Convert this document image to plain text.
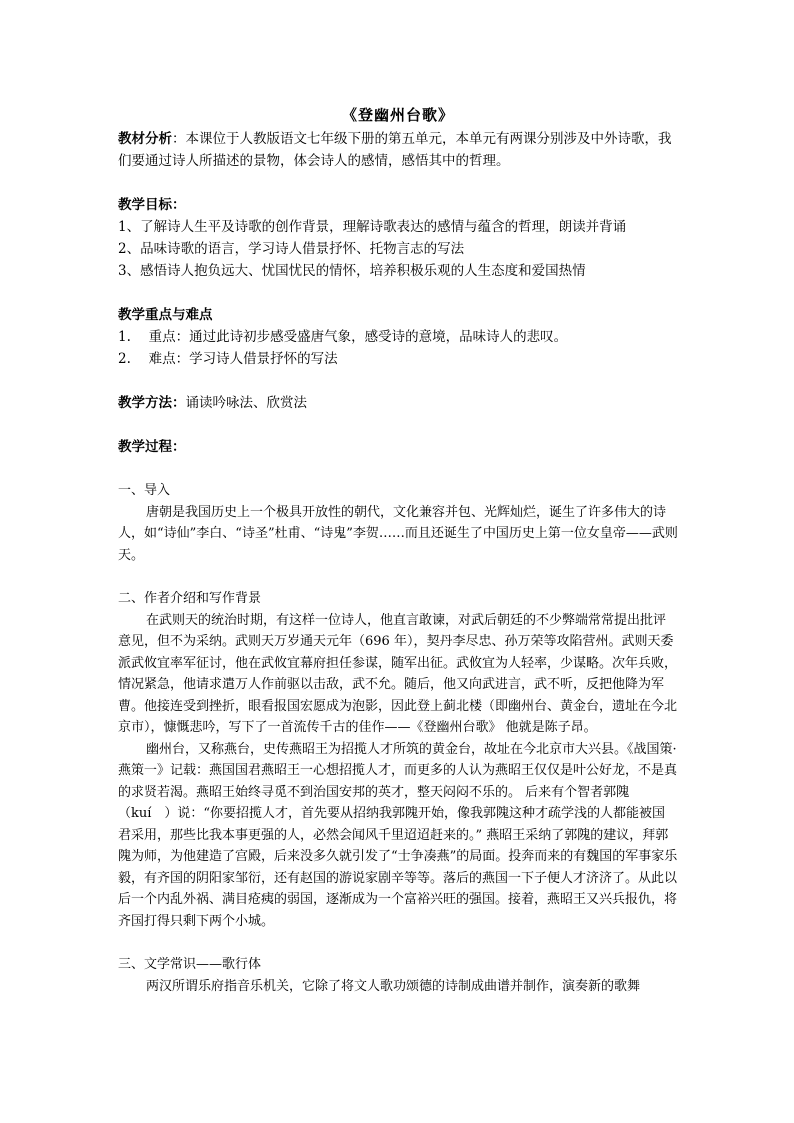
《登幽州台歌》

教材分析：本课位于人教版语文七年级下册的第五单元，本单元有两课分别涉及中外诗歌，我们要通过诗人所描述的景物，体会诗人的感情，感悟其中的哲理。

教学目标：

1、了解诗人生平及诗歌的创作背景，理解诗歌表达的感情与蕴含的哲理，朗读并背诵

2、品味诗歌的语言，学习诗人借景抒怀、托物言志的写法

3、感悟诗人抱负远大、忧国忧民的情怀，培养积极乐观的人生态度和爱国热情

教学重点与难点

1.　 重点：通过此诗初步感受盛唐气象，感受诗的意境，品味诗人的悲叹。

2.　 难点：学习诗人借景抒怀的写法

教学方法：诵读吟咏法、欣赏法

教学过程：

一、导入

唐朝是我国历史上一个极具开放性的朝代，文化兼容并包、光辉灿烂，诞生了许多伟大的诗人，如“诗仙”李白、“诗圣”杜甫、“诗鬼”李贺……而且还诞生了中国历史上第一位女皇帝——武则天。

二、作者介绍和写作背景

在武则天的统治时期，有这样一位诗人，他直言敢谏，对武后朝廷的不少弊端常常提出批评意见，但不为采纳。武则天万岁通天元年（696 年），契丹李尽忠、孙万荣等攻陷营州。武则天委派武攸宜率军征讨，他在武攸宜幕府担任参谋，随军出征。武攸宜为人轻率，少谋略。次年兵败，情况紧急，他请求遣万人作前驱以击敌，武不允。随后，他又向武进言，武不听，反把他降为军曹。他接连受到挫折，眼看报国宏愿成为泡影，因此登上蓟北楼（即幽州台、黄金台，遗址在今北京市），慷慨悲吟，写下了一首流传千古的佳作——《登幽州台歌》 他就是陈子昂。

幽州台，又称燕台，史传燕昭王为招揽人才所筑的黄金台，故址在今北京市大兴县。《战国策·燕策一》记载：燕国国君燕昭王一心想招揽人才，而更多的人认为燕昭王仅仅是叶公好龙，不是真的求贤若渴。燕昭王始终寻觅不到治国安邦的英才，整天闷闷不乐的。 后来有个智者郭隗（kuí　）说：“你要招揽人才，首先要从招纳我郭隗开始，像我郭隗这种才疏学浅的人都能被国君采用，那些比我本事更强的人，必然会闻风千里迢迢赶来的。” 燕昭王采纳了郭隗的建议，拜郭隗为师，为他建造了宫殿，后来没多久就引发了“士争凑燕”的局面。投奔而来的有魏国的军事家乐毅，有齐国的阴阳家邹衍，还有赵国的游说家剧辛等等。落后的燕国一下子便人才济济了。从此以后一个内乱外祸、满目疮痍的弱国，逐渐成为一个富裕兴旺的强国。接着，燕昭王又兴兵报仇，将齐国打得只剩下两个小城。

三、文学常识——歌行体

两汉所谓乐府指音乐机关，它除了将文人歌功颂德的诗制成曲谱并制作，演奏新的歌舞
